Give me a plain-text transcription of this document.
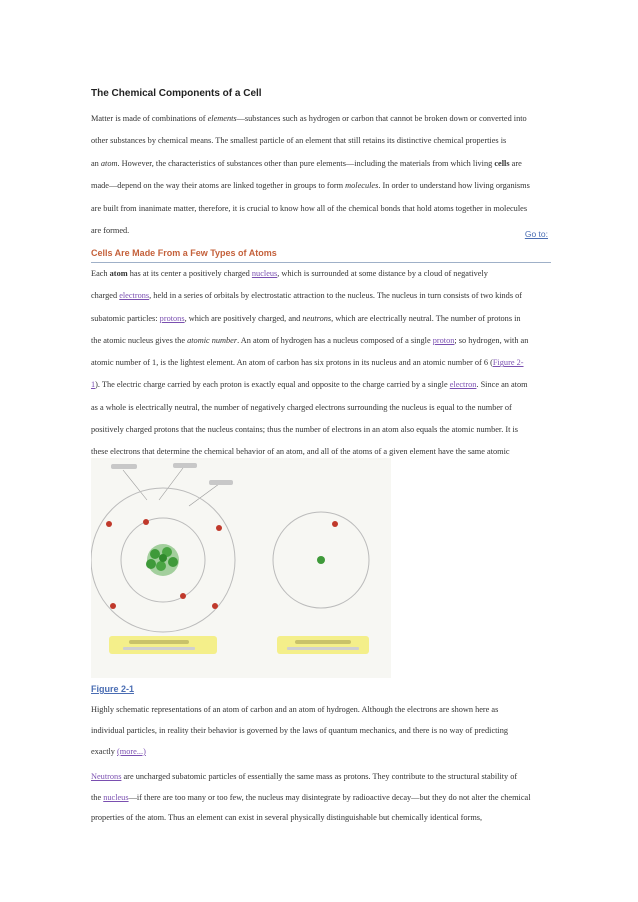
The Chemical Components of a Cell
Matter is made of combinations of elements—substances such as hydrogen or carbon that cannot be broken down or converted into
other substances by chemical means. The smallest particle of an element that still retains its distinctive chemical properties is
an atom. However, the characteristics of substances other than pure elements—including the materials from which living cells are
made—depend on the way their atoms are linked together in groups to form molecules. In order to understand how living organisms
are built from inanimate matter, therefore, it is crucial to know how all of the chemical bonds that hold atoms together in molecules
are formed.	Go to:
Cells Are Made From a Few Types of Atoms
Each atom has at its center a positively charged nucleus, which is surrounded at some distance by a cloud of negatively
charged electrons, held in a series of orbitals by electrostatic attraction to the nucleus. The nucleus in turn consists of two kinds of
subatomic particles: protons, which are positively charged, and neutrons, which are electrically neutral. The number of protons in
the atomic nucleus gives the atomic number. An atom of hydrogen has a nucleus composed of a single proton; so hydrogen, with an
atomic number of 1, is the lightest element. An atom of carbon has six protons in its nucleus and an atomic number of 6 (Figure 2-
1). The electric charge carried by each proton is exactly equal and opposite to the charge carried by a single electron. Since an atom
as a whole is electrically neutral, the number of negatively charged electrons surrounding the nucleus is equal to the number of
positively charged protons that the nucleus contains; thus the number of electrons in an atom also equals the atomic number. It is
these electrons that determine the chemical behavior of an atom, and all of the atoms of a given element have the same atomic
Figure 2-1
Highly schematic representations of an atom of carbon and an atom of hydrogen. Although the electrons are shown here as
individual particles, in reality their behavior is governed by the laws of quantum mechanics, and there is no way of predicting
exactly (more...)
Neutrons are uncharged subatomic particles of essentially the same mass as protons. They contribute to the structural stability of
the nucleus—if there are too many or too few, the nucleus may disintegrate by radioactive decay—but they do not alter the chemical
properties of the atom. Thus an element can exist in several physically distinguishable but chemically identical forms,
